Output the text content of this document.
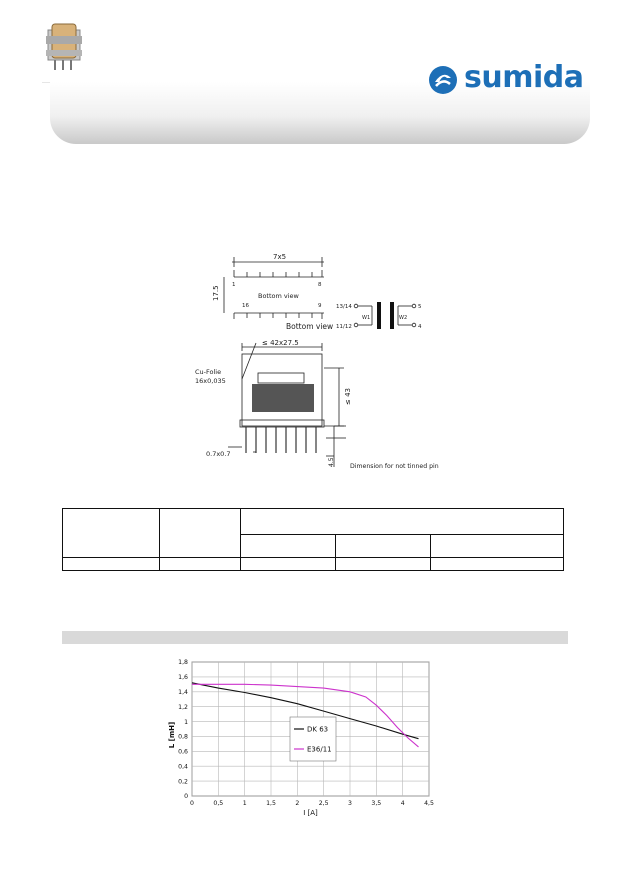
sumida
7x5
17.5
1	8
Bottom view
16	9
Bottom view
13/14
11/12
5
4
W1	W2
≤ 42x27.5
Cu-Folie
16x0,035
≤ 43
0.7x0.7
4.5 Dimension for not tinned pin

0
0,2
0,4
0,6
0,8
1
1,2
1,4
1,6
1,8
0	0,5	1	1,5	2	2,5	3	3,5	4	4,5
L [mH]
I [A]
DK 63
E36/11
